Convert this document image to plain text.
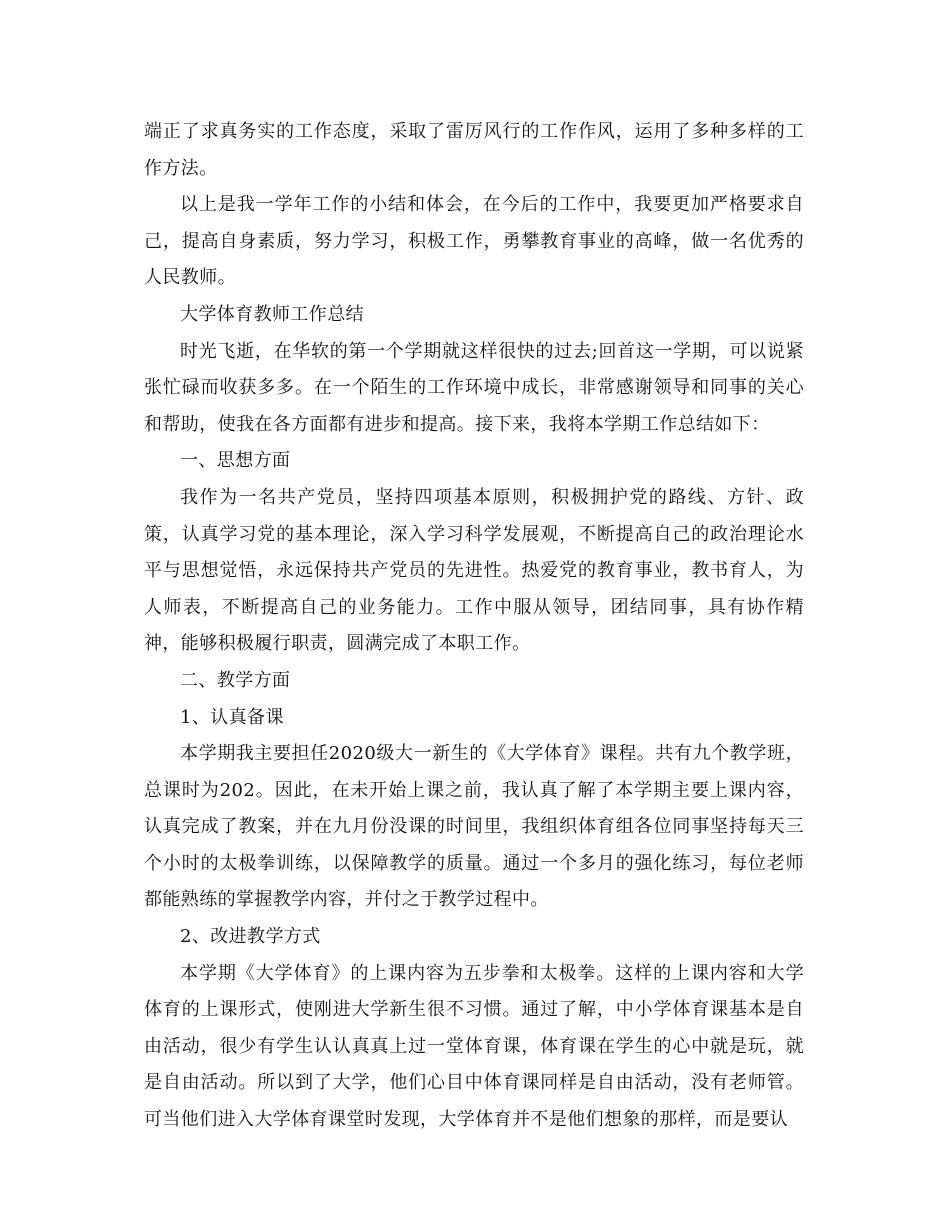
端正了求真务实的工作态度，采取了雷厉风行的工作作风，运用了多种多样的工作方法。

以上是我一学年工作的小结和体会，在今后的工作中，我要更加严格要求自己，提高自身素质，努力学习，积极工作，勇攀教育事业的高峰，做一名优秀的人民教师。

大学体育教师工作总结

时光飞逝，在华软的第一个学期就这样很快的过去;回首这一学期，可以说紧张忙碌而收获多多。在一个陌生的工作环境中成长，非常感谢领导和同事的关心和帮助，使我在各方面都有进步和提高。接下来，我将本学期工作总结如下：

一、思想方面

我作为一名共产党员，坚持四项基本原则，积极拥护党的路线、方针、政策，认真学习党的基本理论，深入学习科学发展观，不断提高自己的政治理论水平与思想觉悟，永远保持共产党员的先进性。热爱党的教育事业，教书育人，为人师表，不断提高自己的业务能力。工作中服从领导，团结同事，具有协作精神，能够积极履行职责，圆满完成了本职工作。

二、教学方面

1、认真备课

本学期我主要担任2020级大一新生的《大学体育》课程。共有九个教学班，总课时为202。因此，在未开始上课之前，我认真了解了本学期主要上课内容，认真完成了教案，并在九月份没课的时间里，我组织体育组各位同事坚持每天三个小时的太极拳训练，以保障教学的质量。通过一个多月的强化练习，每位老师都能熟练的掌握教学内容，并付之于教学过程中。

2、改进教学方式

本学期《大学体育》的上课内容为五步拳和太极拳。这样的上课内容和大学体育的上课形式，使刚进大学新生很不习惯。通过了解，中小学体育课基本是自由活动，很少有学生认认真真上过一堂体育课，体育课在学生的心中就是玩，就是自由活动。所以到了大学，他们心目中体育课同样是自由活动，没有老师管。可当他们进入大学体育课堂时发现，大学体育并不是他们想象的那样，而是要认
